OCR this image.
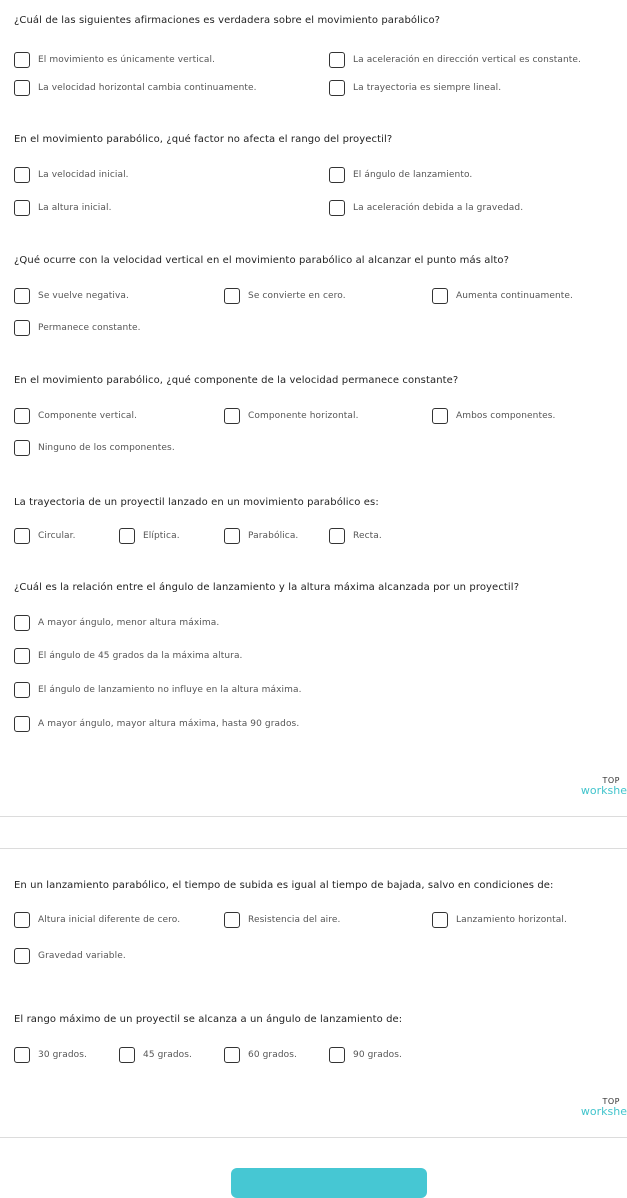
¿Cuál de las siguientes afirmaciones es verdadera sobre el movimiento parabólico?
El movimiento es únicamente vertical.	La aceleración en dirección vertical es constante.
La velocidad horizontal cambia continuamente.	La trayectoria es siempre lineal.
En el movimiento parabólico, ¿qué factor no afecta el rango del proyectil?
La velocidad inicial.	El ángulo de lanzamiento.
La altura inicial.	La aceleración debida a la gravedad.
¿Qué ocurre con la velocidad vertical en el movimiento parabólico al alcanzar el punto más alto?
Se vuelve negativa.	Se convierte en cero.	Aumenta continuamente.
Permanece constante.
En el movimiento parabólico, ¿qué componente de la velocidad permanece constante?
Componente vertical.	Componente horizontal.	Ambos componentes.
Ninguno de los componentes.
La trayectoria de un proyectil lanzado en un movimiento parabólico es:
Circular.	Elíptica.	Parabólica.	Recta.
¿Cuál es la relación entre el ángulo de lanzamiento y la altura máxima alcanzada por un proyectil?
A mayor ángulo, menor altura máxima.
El ángulo de 45 grados da la máxima altura.
El ángulo de lanzamiento no influye en la altura máxima.
A mayor ángulo, mayor altura máxima, hasta 90 grados.
TOP
workshe
En un lanzamiento parabólico, el tiempo de subida es igual al tiempo de bajada, salvo en condiciones de:
Altura inicial diferente de cero.	Resistencia del aire.	Lanzamiento horizontal.
Gravedad variable.
El rango máximo de un proyectil se alcanza a un ángulo de lanzamiento de:
30 grados.	45 grados.	60 grados.	90 grados.
TOP
workshe
